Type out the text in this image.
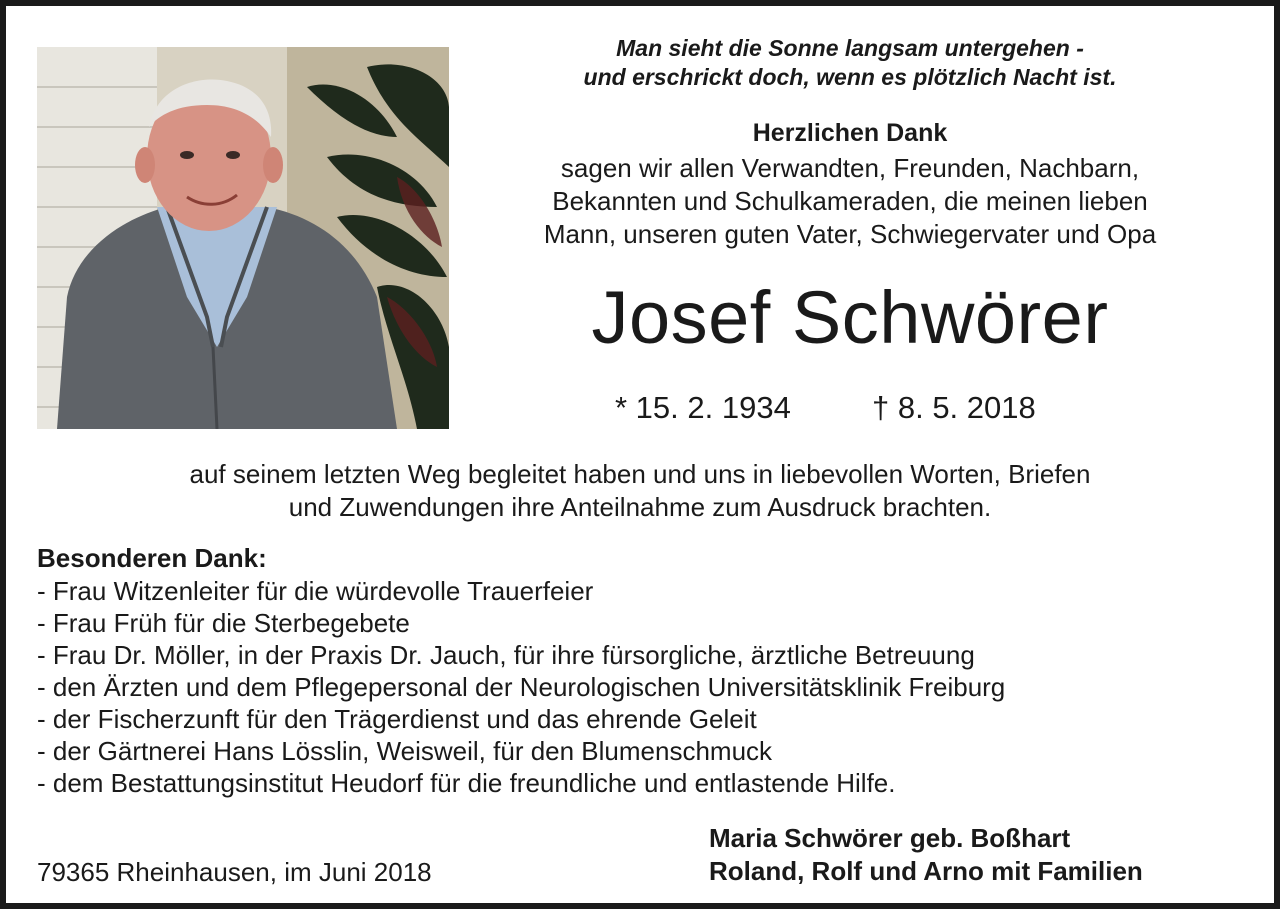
Man sieht die Sonne langsam untergehen -
und erschrickt doch, wenn es plötzlich Nacht ist.
Herzlichen Dank
sagen wir allen Verwandten, Freunden, Nachbarn,
Bekannten und Schulkameraden, die meinen lieben
Mann, unseren guten Vater, Schwiegervater und Opa
Josef Schwörer
* 15. 2. 1934	† 8. 5. 2018
auf seinem letzten Weg begleitet haben und uns in liebevollen Worten, Briefen
und Zuwendungen ihre Anteilnahme zum Ausdruck brachten.
Besonderen Dank:
- Frau Witzenleiter für die würdevolle Trauerfeier
- Frau Früh für die Sterbegebete
- Frau Dr. Möller, in der Praxis Dr. Jauch, für ihre fürsorgliche, ärztliche Betreuung
- den Ärzten und dem Pflegepersonal der Neurologischen Universitätsklinik Freiburg
- der Fischerzunft für den Trägerdienst und das ehrende Geleit
- der Gärtnerei Hans Lösslin, Weisweil, für den Blumenschmuck
- dem Bestattungsinstitut Heudorf für die freundliche und entlastende Hilfe.
79365 Rheinhausen, im Juni 2018
Maria Schwörer geb. Boßhart
Roland, Rolf und Arno mit Familien
